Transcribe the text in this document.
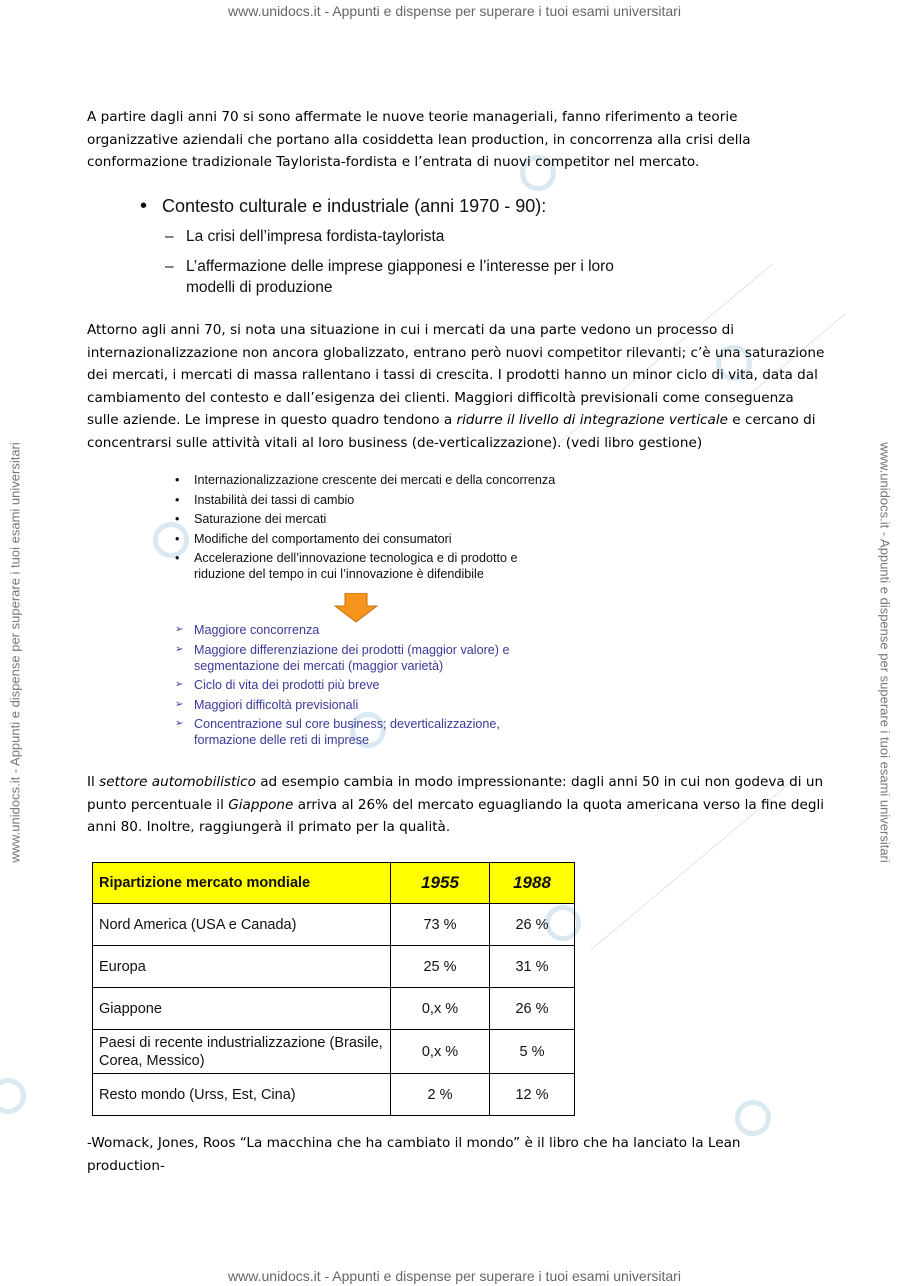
www.unidocs.it - Appunti e dispense per superare i tuoi esami universitari
www.unidocs.it - Appunti e dispense per superare i tuoi esami universitari
www.unidocs.it - Appunti e dispense per superare i tuoi esami universitari	www.unidocs.it - Appunti e dispense per superare i tuoi esami universitari

A partire dagli anni 70 si sono affermate le nuove teorie manageriali, fanno riferimento a teorie organizzative aziendali che portano alla cosiddetta lean production, in concorrenza alla crisi della conformazione tradizionale Taylorista-fordista e l’entrata di nuovi competitor nel mercato.

• Contesto culturale e industriale (anni 1970 - 90):
– La crisi dell’impresa fordista-taylorista
– L’affermazione delle imprese giapponesi e l’interesse per i loro modelli di produzione

Attorno agli anni 70, si nota una situazione in cui i mercati da una parte vedono un processo di internazionalizzazione non ancora globalizzato, entrano però nuovi competitor rilevanti; c’è una saturazione dei mercati, i mercati di massa rallentano i tassi di crescita. I prodotti hanno un minor ciclo di vita, data dal cambiamento del contesto e dall’esigenza dei clienti. Maggiori difficoltà previsionali come conseguenza sulle aziende. Le imprese in questo quadro tendono a ridurre il livello di integrazione verticale e cercano di concentrarsi sulle attività vitali al loro business (de-verticalizzazione). (vedi libro gestione)

• Internazionalizzazione crescente dei mercati e della concorrenza
• Instabilità dei tassi di cambio
• Saturazione dei mercati
• Modifiche del comportamento dei consumatori
• Accelerazione dell’innovazione tecnologica e di prodotto e riduzione del tempo in cui l’innovazione è difendibile
➢ Maggiore concorrenza
➢ Maggiore differenziazione dei prodotti (maggior valore) e segmentazione dei mercati (maggior varietà)
➢ Ciclo di vita dei prodotti più breve
➢ Maggiori difficoltà previsionali
➢ Concentrazione sul core business; deverticalizzazione, formazione delle reti di imprese

Il settore automobilistico ad esempio cambia in modo impressionante: dagli anni 50 in cui non godeva di un punto percentuale il Giappone arriva al 26% del mercato eguagliando la quota americana verso la fine degli anni 80. Inoltre, raggiungerà il primato per la qualità.

Ripartizione mercato mondiale	1955	1988
Nord America (USA e Canada)	73 %	26 %
Europa	25 %	31 %
Giappone	0,x %	26 %
Paesi di recente industrializzazione (Brasile, Corea, Messico)	0,x %	5 %
Resto mondo (Urss, Est, Cina)	2 %	12 %

-Womack, Jones, Roos “La macchina che ha cambiato il mondo” è il libro che ha lanciato la Lean production-
